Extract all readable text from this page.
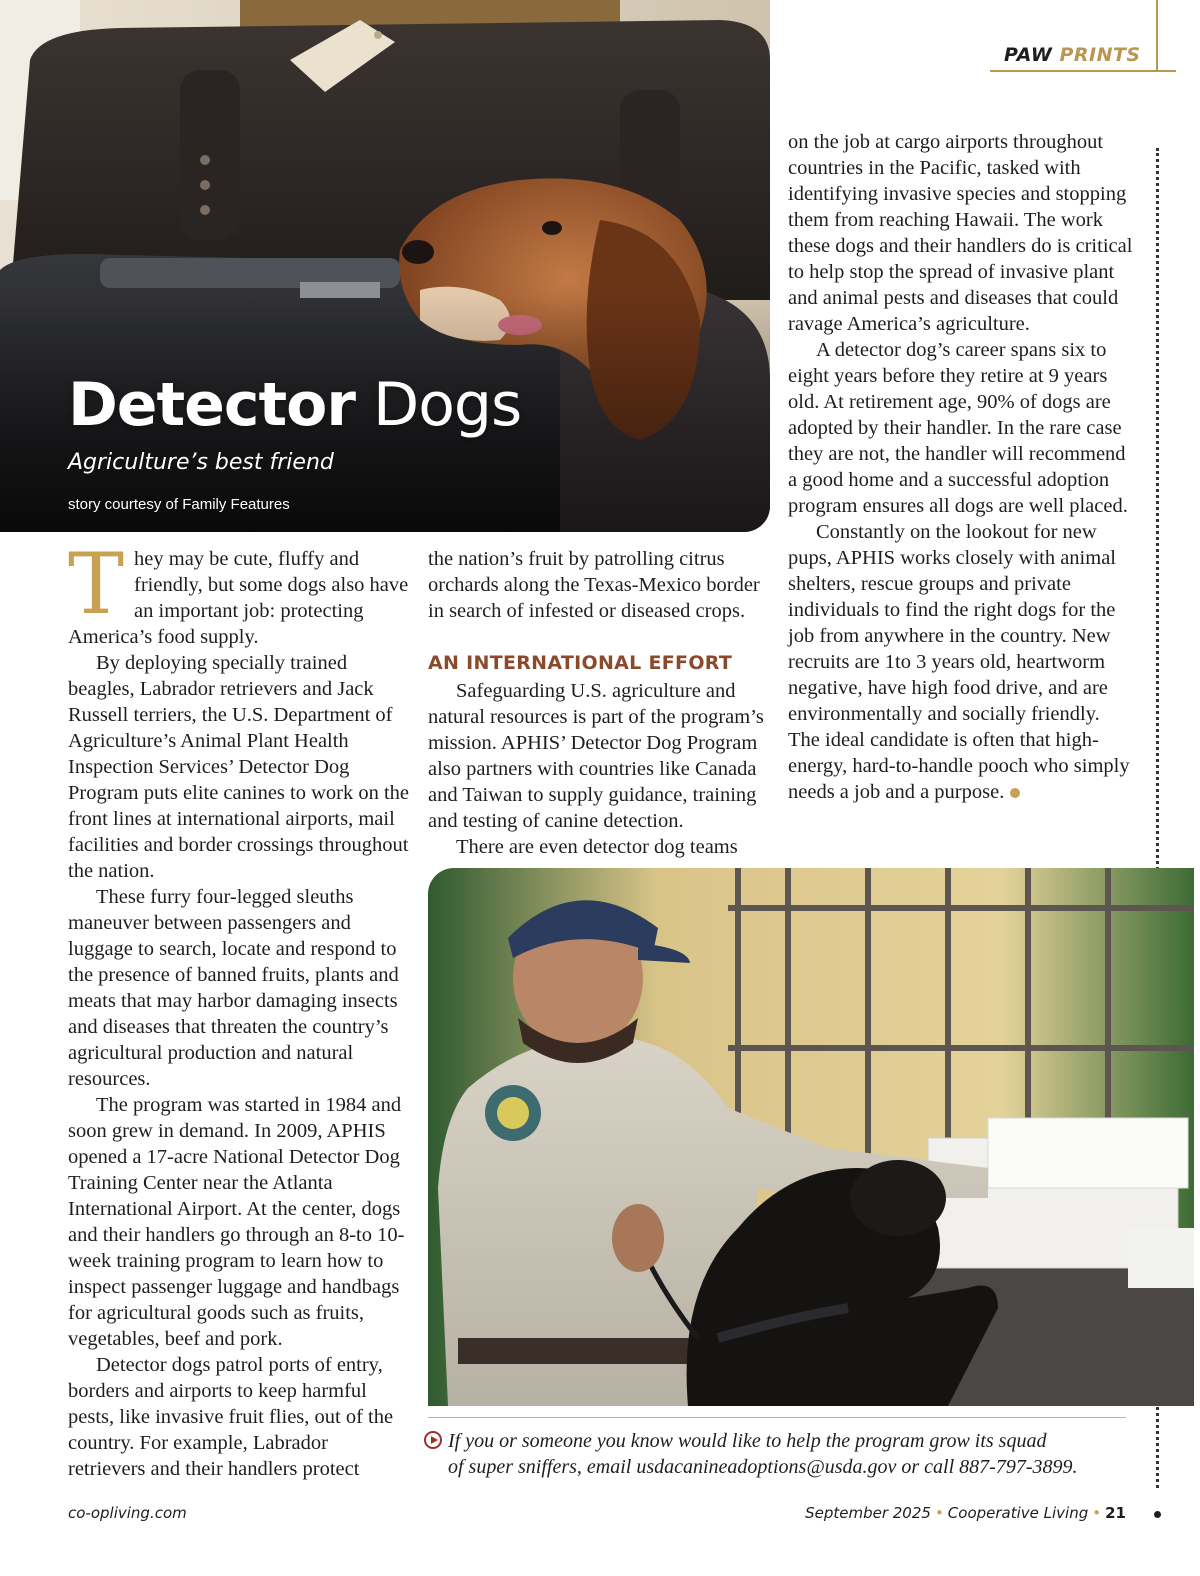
Detector Dogs
Agriculture’s best friend
story courtesy of Family Features
PAW PRINTS

They may be cute, fluffy and friendly, but some dogs also have an important job: protecting America’s food supply.

By deploying specially trained beagles, Labrador retrievers and Jack Russell terriers, the U.S. Department of Agriculture’s Animal Plant Health Inspection Services’ Detector Dog Program puts elite canines to work on the front lines at international airports, mail facilities and border crossings throughout the nation.

These furry four-legged sleuths maneuver between passengers and luggage to search, locate and respond to the presence of banned fruits, plants and meats that may harbor damaging insects and diseases that threaten the country’s agricultural production and natural resources.

The program was started in 1984 and soon grew in demand. In 2009, APHIS opened a 17-acre National Detector Dog Training Center near the Atlanta International Airport. At the center, dogs and their handlers go through an 8-to 10-week training program to learn how to inspect passenger luggage and handbags for agricultural goods such as fruits, vegetables, beef and pork.

Detector dogs patrol ports of entry, borders and airports to keep harmful pests, like invasive fruit flies, out of the country. For example, Labrador retrievers and their handlers protect

the nation’s fruit by patrolling citrus orchards along the Texas-Mexico border in search of infested or diseased crops.

AN INTERNATIONAL EFFORT

Safeguarding U.S. agriculture and natural resources is part of the program’s mission. APHIS’ Detector Dog Program also partners with countries like Canada and Taiwan to supply guidance, training and testing of canine detection.

There are even detector dog teams

on the job at cargo airports throughout countries in the Pacific, tasked with identifying invasive species and stopping them from reaching Hawaii. The work these dogs and their handlers do is critical to help stop the spread of invasive plant and animal pests and diseases that could ravage America’s agriculture.

A detector dog’s career spans six to eight years before they retire at 9 years old. At retirement age, 90% of dogs are adopted by their handler. In the rare case they are not, the handler will recommend a good home and a successful adoption program ensures all dogs are well placed.

Constantly on the lookout for new pups, APHIS works closely with animal shelters, rescue groups and private individuals to find the right dogs for the job from anywhere in the country. New recruits are 1to 3 years old, heartworm negative, have high food drive, and are environmentally and socially friendly. The ideal candidate is often that high-energy, hard-to-handle pooch who simply needs a job and a purpose.

If you or someone you know would like to help the program grow its squad
of super sniffers, email usdacanineadoptions@usda.gov or call 887-797-3899.
co-opliving.com	September 2025 • Cooperative Living • 21
